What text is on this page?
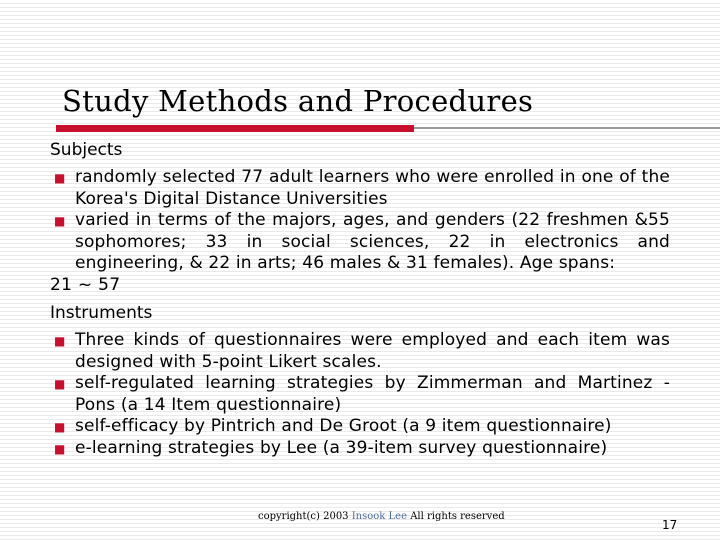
Study Methods and Procedures
Subjects
■ randomly selected 77 adult learners who were enrolled in one of the Korea's Digital Distance Universities
■ varied in terms of the majors, ages, and genders (22 freshmen &55 sophomores; 33 in social sciences, 22 in electronics and engineering, & 22 in arts; 46 males & 31 females). Age spans:
21 ~ 57
Instruments
■ Three kinds of questionnaires were employed and each item was designed with 5-point Likert scales.
■ self-regulated learning strategies by Zimmerman and Martinez -Pons (a 14 Item questionnaire)
■ self-efficacy by Pintrich and De Groot (a 9 item questionnaire)
■ e-learning strategies by Lee (a 39-item survey questionnaire)
copyright(c) 2003 Insook Lee All rights reserved
17
